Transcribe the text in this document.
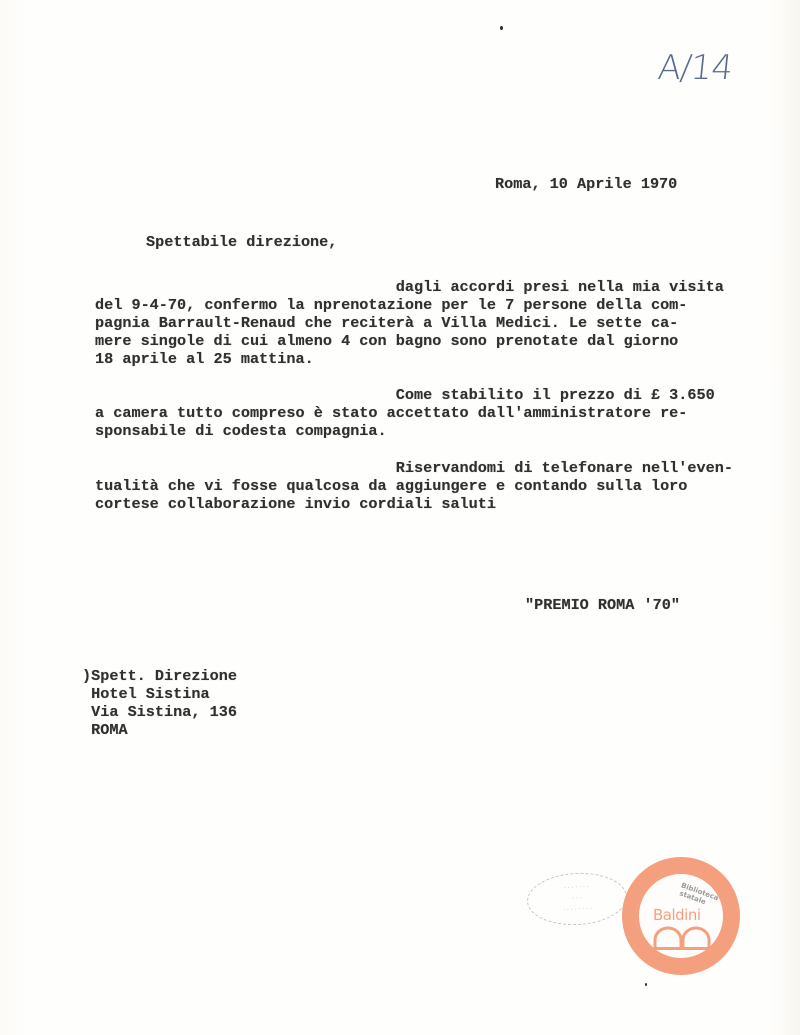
A/14
Roma, 10 Aprile 1970
Spettabile direzione,
dagli accordi presi nella mia visita
del 9-4-70, confermo la nprenotazione per le 7 persone della com-
pagnia Barrault-Renaud che reciterà a Villa Medici. Le sette ca-
mere singole di cui almeno 4 con bagno sono prenotate dal giorno
18 aprile al 25 mattina.
Come stabilito il prezzo di £ 3.650
a camera tutto compreso è stato accettato dall'amministratore re-
sponsabile di codesta compagnia.
Riservandomi di telefonare nell'even-
tualità che vi fosse qualcosa da aggiungere e contando sulla loro
cortese collaborazione invio cordiali saluti
"PREMIO ROMA '70"
)Spett. Direzione
Hotel Sistina
Via Sistina, 136
ROMA
· · · · · · ·
· · ·
· · · · · · · ·
Biblioteca statale
Baldini
